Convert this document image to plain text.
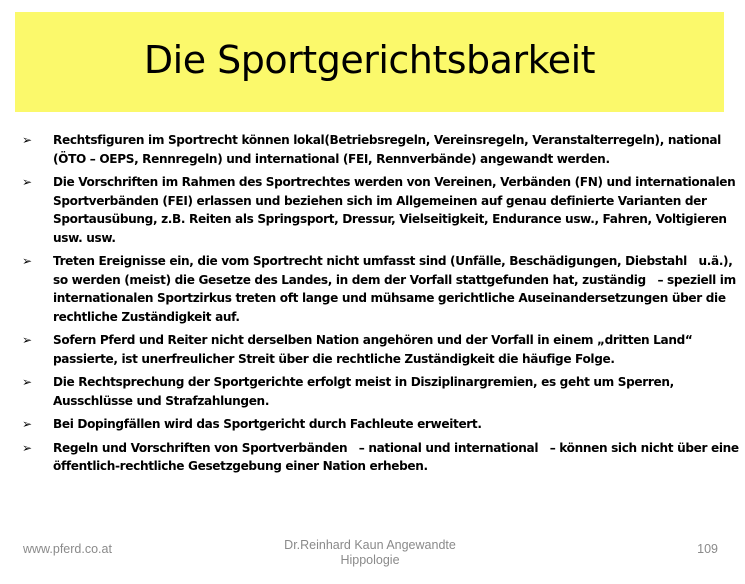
Die Sportgerichtsbarkeit
➢	Rechtsfiguren im Sportrecht können lokal(Betriebsregeln, Vereinsregeln, Veranstalterregeln), national
(ÖTO – OEPS, Rennregeln) und international (FEI, Rennverbände) angewandt werden.
➢	Die Vorschriften im Rahmen des Sportrechtes werden von Vereinen, Verbänden (FN) und internationalen
Sportverbänden (FEI) erlassen und beziehen sich im Allgemeinen auf genau definierte Varianten der
Sportausübung, z.B. Reiten als Springsport, Dressur, Vielseitigkeit, Endurance usw., Fahren, Voltigieren
usw. usw.
➢	Treten Ereignisse ein, die vom Sportrecht nicht umfasst sind (Unfälle, Beschädigungen, Diebstahl   u.ä.),
so werden (meist) die Gesetze des Landes, in dem der Vorfall stattgefunden hat, zuständig   – speziell im
internationalen Sportzirkus treten oft lange und mühsame gerichtliche Auseinandersetzungen über die
rechtliche Zuständigkeit auf.
➢	Sofern Pferd und Reiter nicht derselben Nation angehören und der Vorfall in einem „dritten Land“
passierte, ist unerfreulicher Streit über die rechtliche Zuständigkeit die häufige Folge.
➢	Die Rechtsprechung der Sportgerichte erfolgt meist in Disziplinargremien, es geht um Sperren,
Ausschlüsse und Strafzahlungen.
➢	Bei Dopingfällen wird das Sportgericht durch Fachleute erweitert.
➢	Regeln und Vorschriften von Sportverbänden   – national und international   – können sich nicht über eine
öffentlich-rechtliche Gesetzgebung einer Nation erheben.
www.pferd.co.at	Dr.Reinhard Kaun Angewandte
Hippologie
109
